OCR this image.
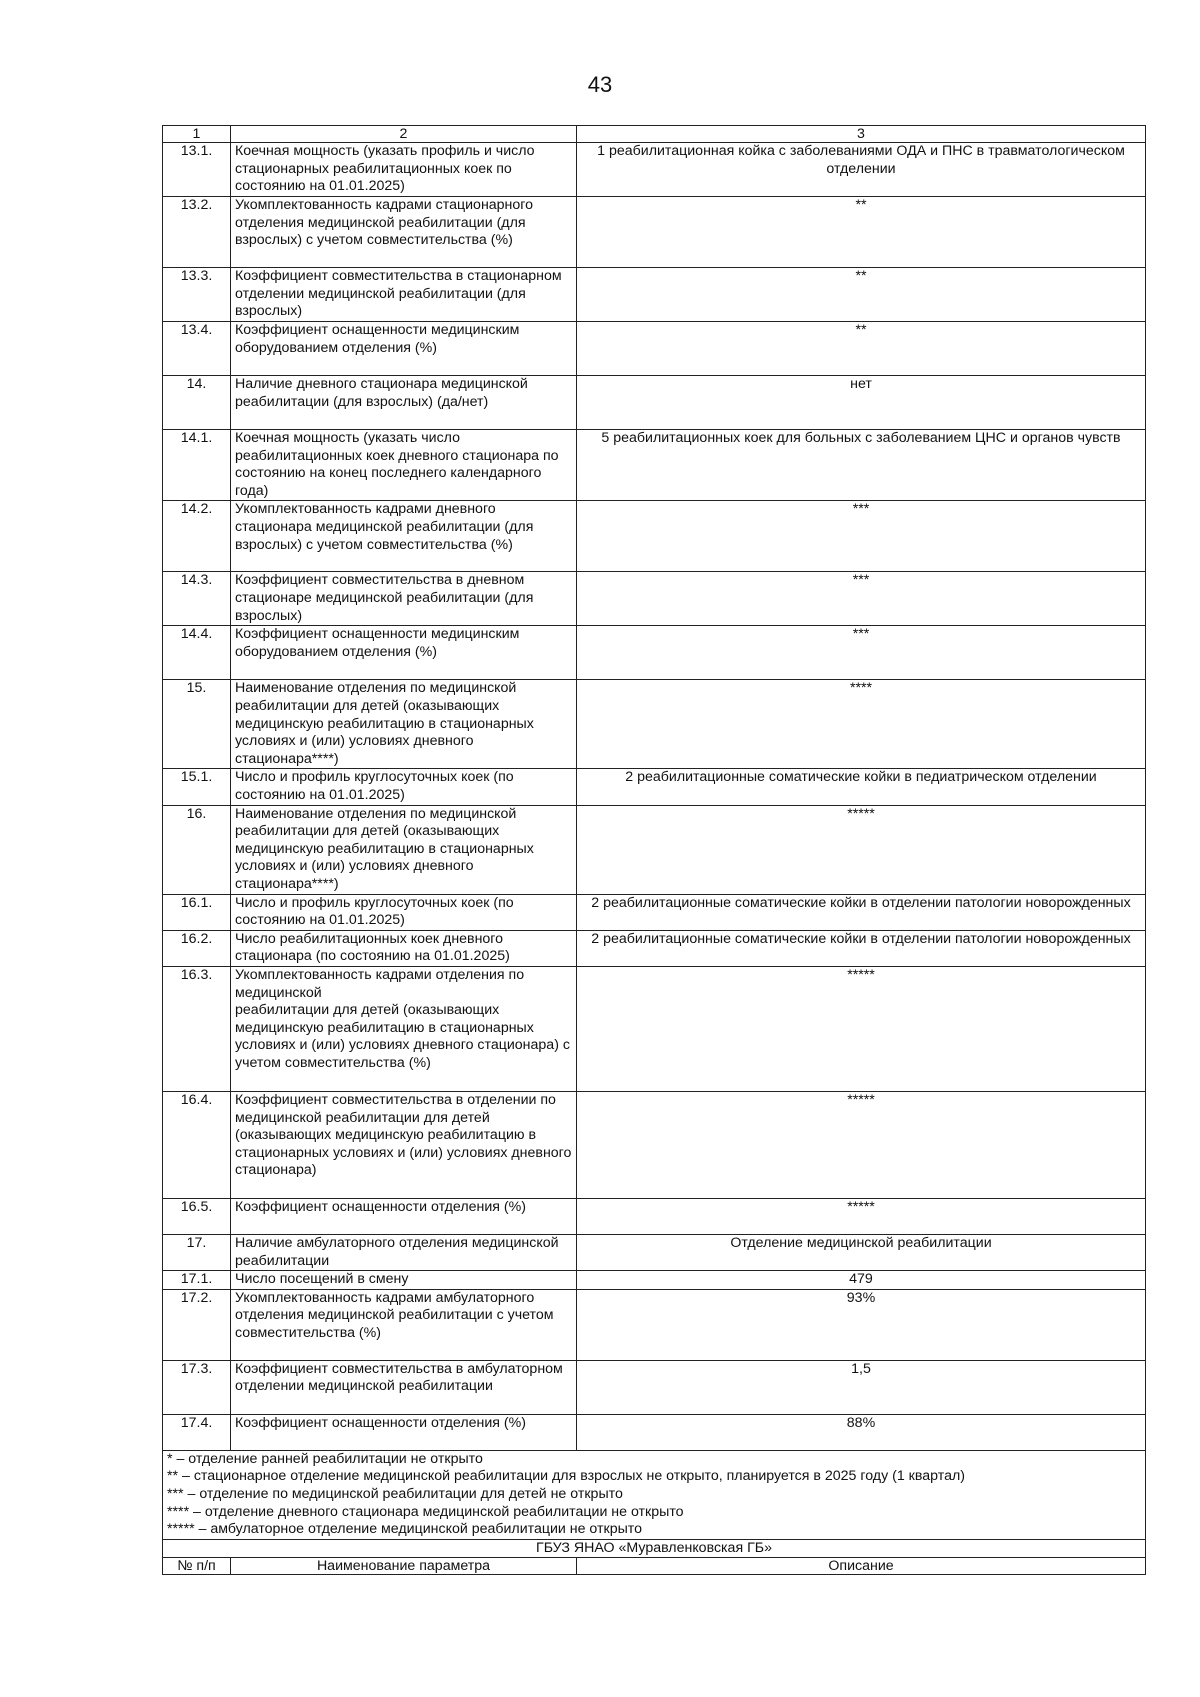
43
1	2	3
13.1.	Коечная мощность (указать профиль и число стационарных реабилитационных коек по состоянию на 01.01.2025)	1 реабилитационная койка с заболеваниями ОДА и ПНС в травматологическом отделении
13.2.	Укомплектованность кадрами стационарного отделения медицинской реабилитации (для взрослых) с учетом совместительства (%)	**
13.3.	Коэффициент совместительства в стационарном отделении медицинской реабилитации (для взрослых)	**
13.4.	Коэффициент оснащенности медицинским оборудованием отделения (%)	**
14.	Наличие дневного стационара медицинской реабилитации (для взрослых) (да/нет)	нет
14.1.	Коечная мощность (указать число реабилитационных коек дневного стационара по состоянию на конец последнего календарного года)	5 реабилитационных коек для больных с заболеванием ЦНС и органов чувств
14.2.	Укомплектованность кадрами дневного стационара медицинской реабилитации (для взрослых) с учетом совместительства (%)	***
14.3.	Коэффициент совместительства в дневном стационаре медицинской реабилитации (для взрослых)	***
14.4.	Коэффициент оснащенности медицинским оборудованием отделения (%)	***
15.	Наименование отделения по медицинской реабилитации для детей (оказывающих медицинскую реабилитацию в стационарных условиях и (или) условиях дневного стационара****)	****
15.1.	Число и профиль круглосуточных коек (по состоянию на 01.01.2025)	2 реабилитационные соматические койки в педиатрическом отделении
16.	Наименование отделения по медицинской реабилитации для детей (оказывающих медицинскую реабилитацию в стационарных условиях и (или) условиях дневного стационара****)	*****
16.1.	Число и профиль круглосуточных коек (по состоянию на 01.01.2025)	2 реабилитационные соматические койки в отделении патологии новорожденных
16.2.	Число реабилитационных коек дневного стационара (по состоянию на 01.01.2025)	2 реабилитационные соматические койки в отделении патологии новорожденных
16.3.	Укомплектованность кадрами отделения по медицинской
реабилитации для детей (оказывающих медицинскую реабилитацию в стационарных условиях и (или) условиях дневного стационара) с учетом совместительства (%)	*****
16.4.	Коэффициент совместительства в отделении по медицинской реабилитации для детей (оказывающих медицинскую реабилитацию в стационарных условиях и (или) условиях дневного стационара)	*****
16.5.	Коэффициент оснащенности отделения (%)	*****
17.	Наличие амбулаторного отделения медицинской реабилитации	Отделение медицинской реабилитации
17.1.	Число посещений в смену	479
17.2.	Укомплектованность кадрами амбулаторного отделения медицинской реабилитации с учетом совместительства (%)	93%
17.3.	Коэффициент совместительства в амбулаторном отделении медицинской реабилитации	1,5
17.4.	Коэффициент оснащенности отделения (%)	88%

* – отделение ранней реабилитации не открыто
** – стационарное отделение медицинской реабилитации для взрослых не открыто, планируется в 2025 году (1 квартал)
*** – отделение по медицинской реабилитации для детей не открыто
**** – отделение дневного стационара медицинской реабилитации не открыто
***** – амбулаторное отделение медицинской реабилитации не открыто		

ГБУЗ ЯНАО «Муравленковская ГБ»		
№ п/п	Наименование параметра	Описание
